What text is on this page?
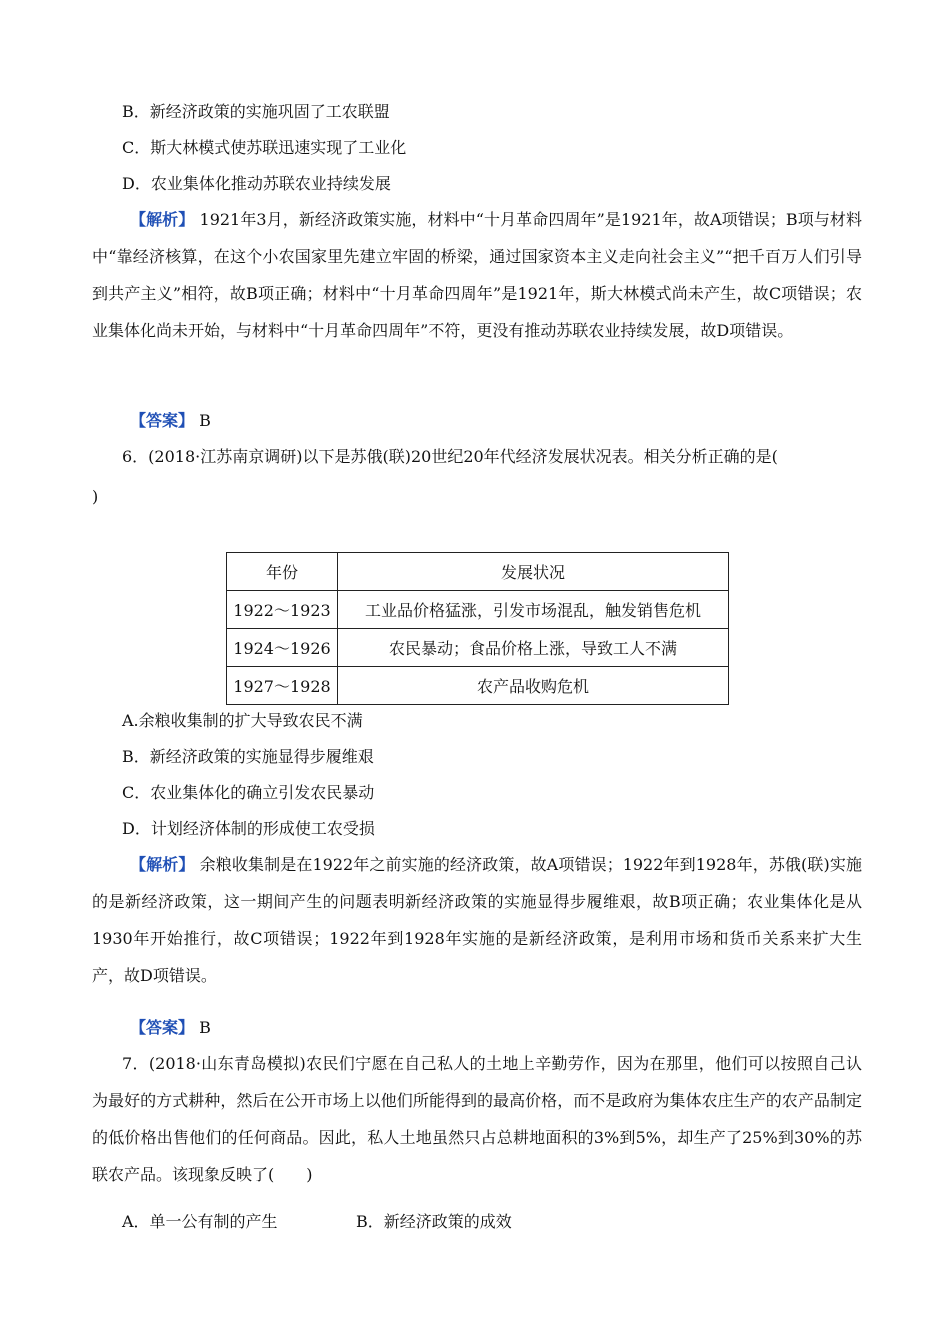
B．新经济政策的实施巩固了工农联盟
C．斯大林模式使苏联迅速实现了工业化
D．农业集体化推动苏联农业持续发展
【解析】 1921年3月，新经济政策实施，材料中“十月革命四周年”是1921年，故A项错误；B项与材料中“靠经济核算，在这个小农国家里先建立牢固的桥梁，通过国家资本主义走向社会主义”“把千百万人们引导到共产主义”相符，故B项正确；材料中“十月革命四周年”是1921年，斯大林模式尚未产生，故C项错误；农业集体化尚未开始，与材料中“十月革命四周年”不符，更没有推动苏联农业持续发展，故D项错误。
【答案】 B
6．(2018·江苏南京调研)以下是苏俄(联)20世纪20年代经济发展状况表。相关分析正确的是(
)
年份	发展状况
1922～1923	工业品价格猛涨，引发市场混乱，触发销售危机
1924～1926	农民暴动；食品价格上涨，导致工人不满
1927～1928	农产品收购危机
A.余粮收集制的扩大导致农民不满
B．新经济政策的实施显得步履维艰
C．农业集体化的确立引发农民暴动
D．计划经济体制的形成使工农受损
【解析】 余粮收集制是在1922年之前实施的经济政策，故A项错误；1922年到1928年，苏俄(联)实施的是新经济政策，这一期间产生的问题表明新经济政策的实施显得步履维艰，故B项正确；农业集体化是从1930年开始推行，故C项错误；1922年到1928年实施的是新经济政策，是利用市场和货币关系来扩大生产，故D项错误。
【答案】 B
7．(2018·山东青岛模拟)农民们宁愿在自己私人的土地上辛勤劳作，因为在那里，他们可以按照自己认为最好的方式耕种，然后在公开市场上以他们所能得到的最高价格，而不是政府为集体农庄生产的农产品制定的低价格出售他们的任何商品。因此，私人土地虽然只占总耕地面积的3%到5%，却生产了25%到30%的苏联农产品。该现象反映了(　　)
A．单一公有制的产生	B．新经济政策的成效
